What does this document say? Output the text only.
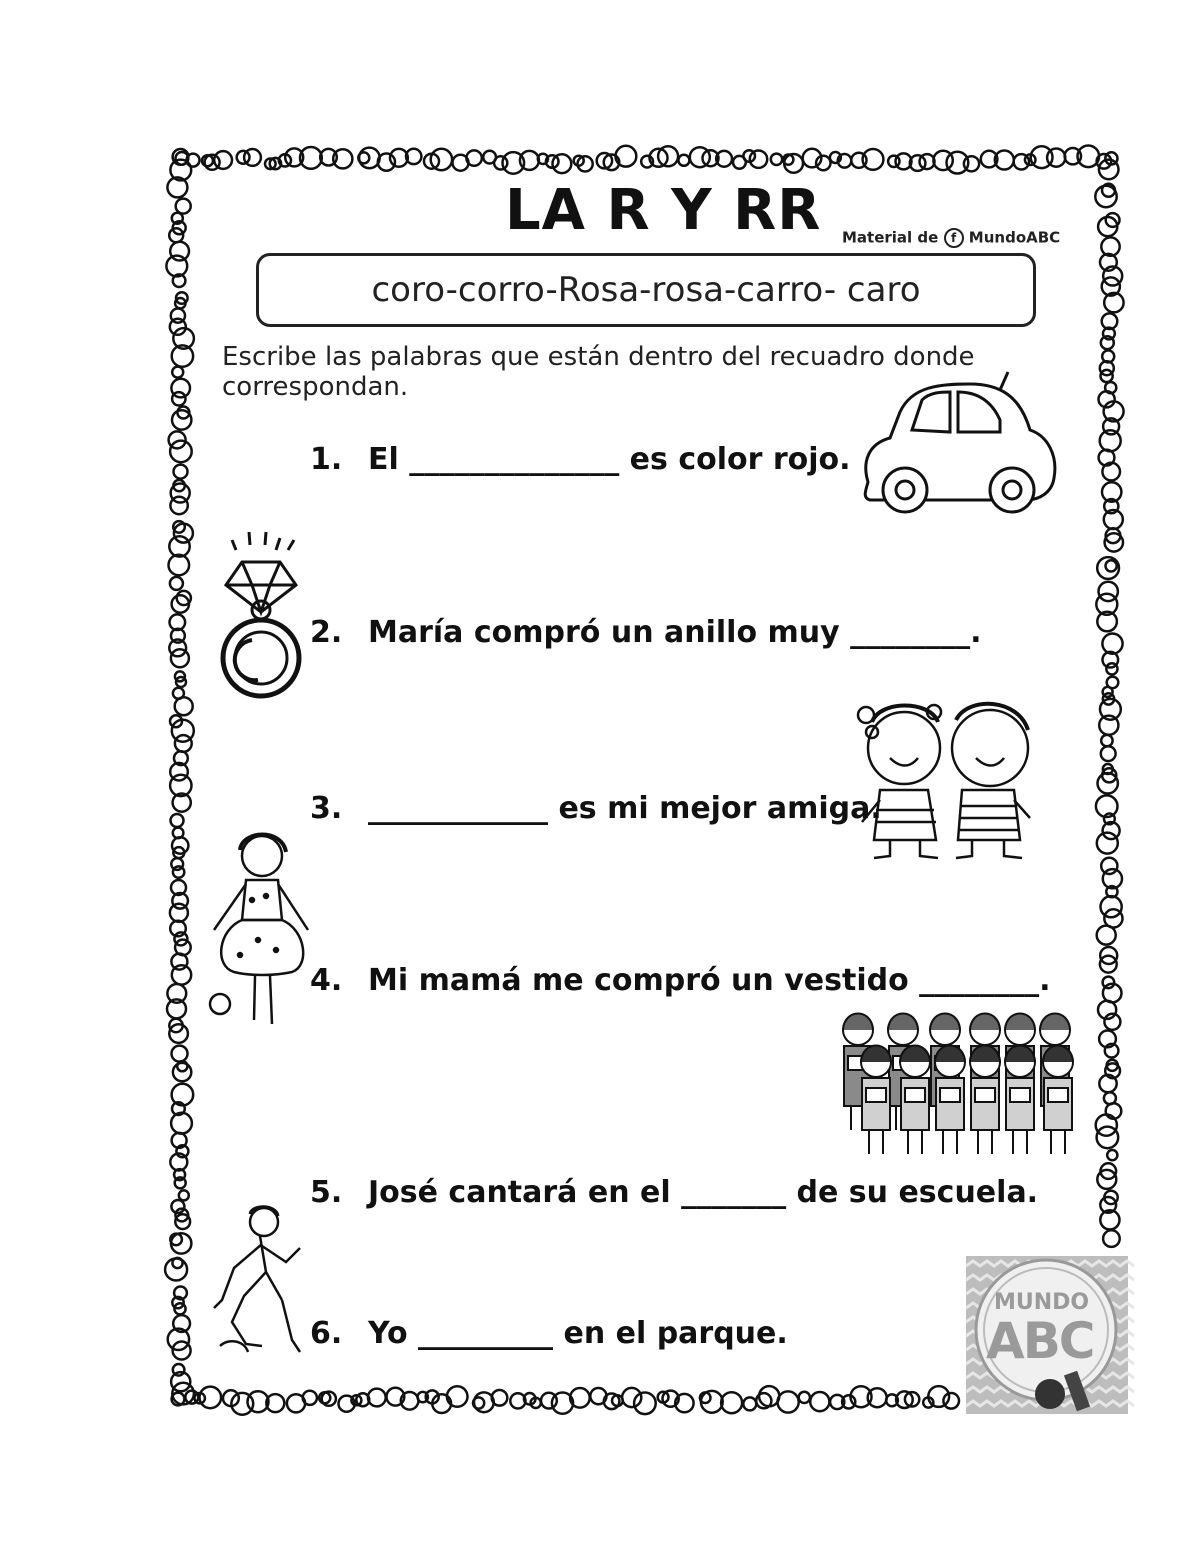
LA R Y RR Material de f MundoABC
coro-corro-Rosa-rosa-carro- caro
Escribe las palabras que están dentro del recuadro donde correspondan.
1. El ______________ es color rojo.
2. María compró un anillo muy ________.
3. ____________ es mi mejor amiga.
4. Mi mamá me compró un vestido ________.
5. José cantará en el _______ de su escuela.
6. Yo _________ en el parque.
MUNDO
ABC
